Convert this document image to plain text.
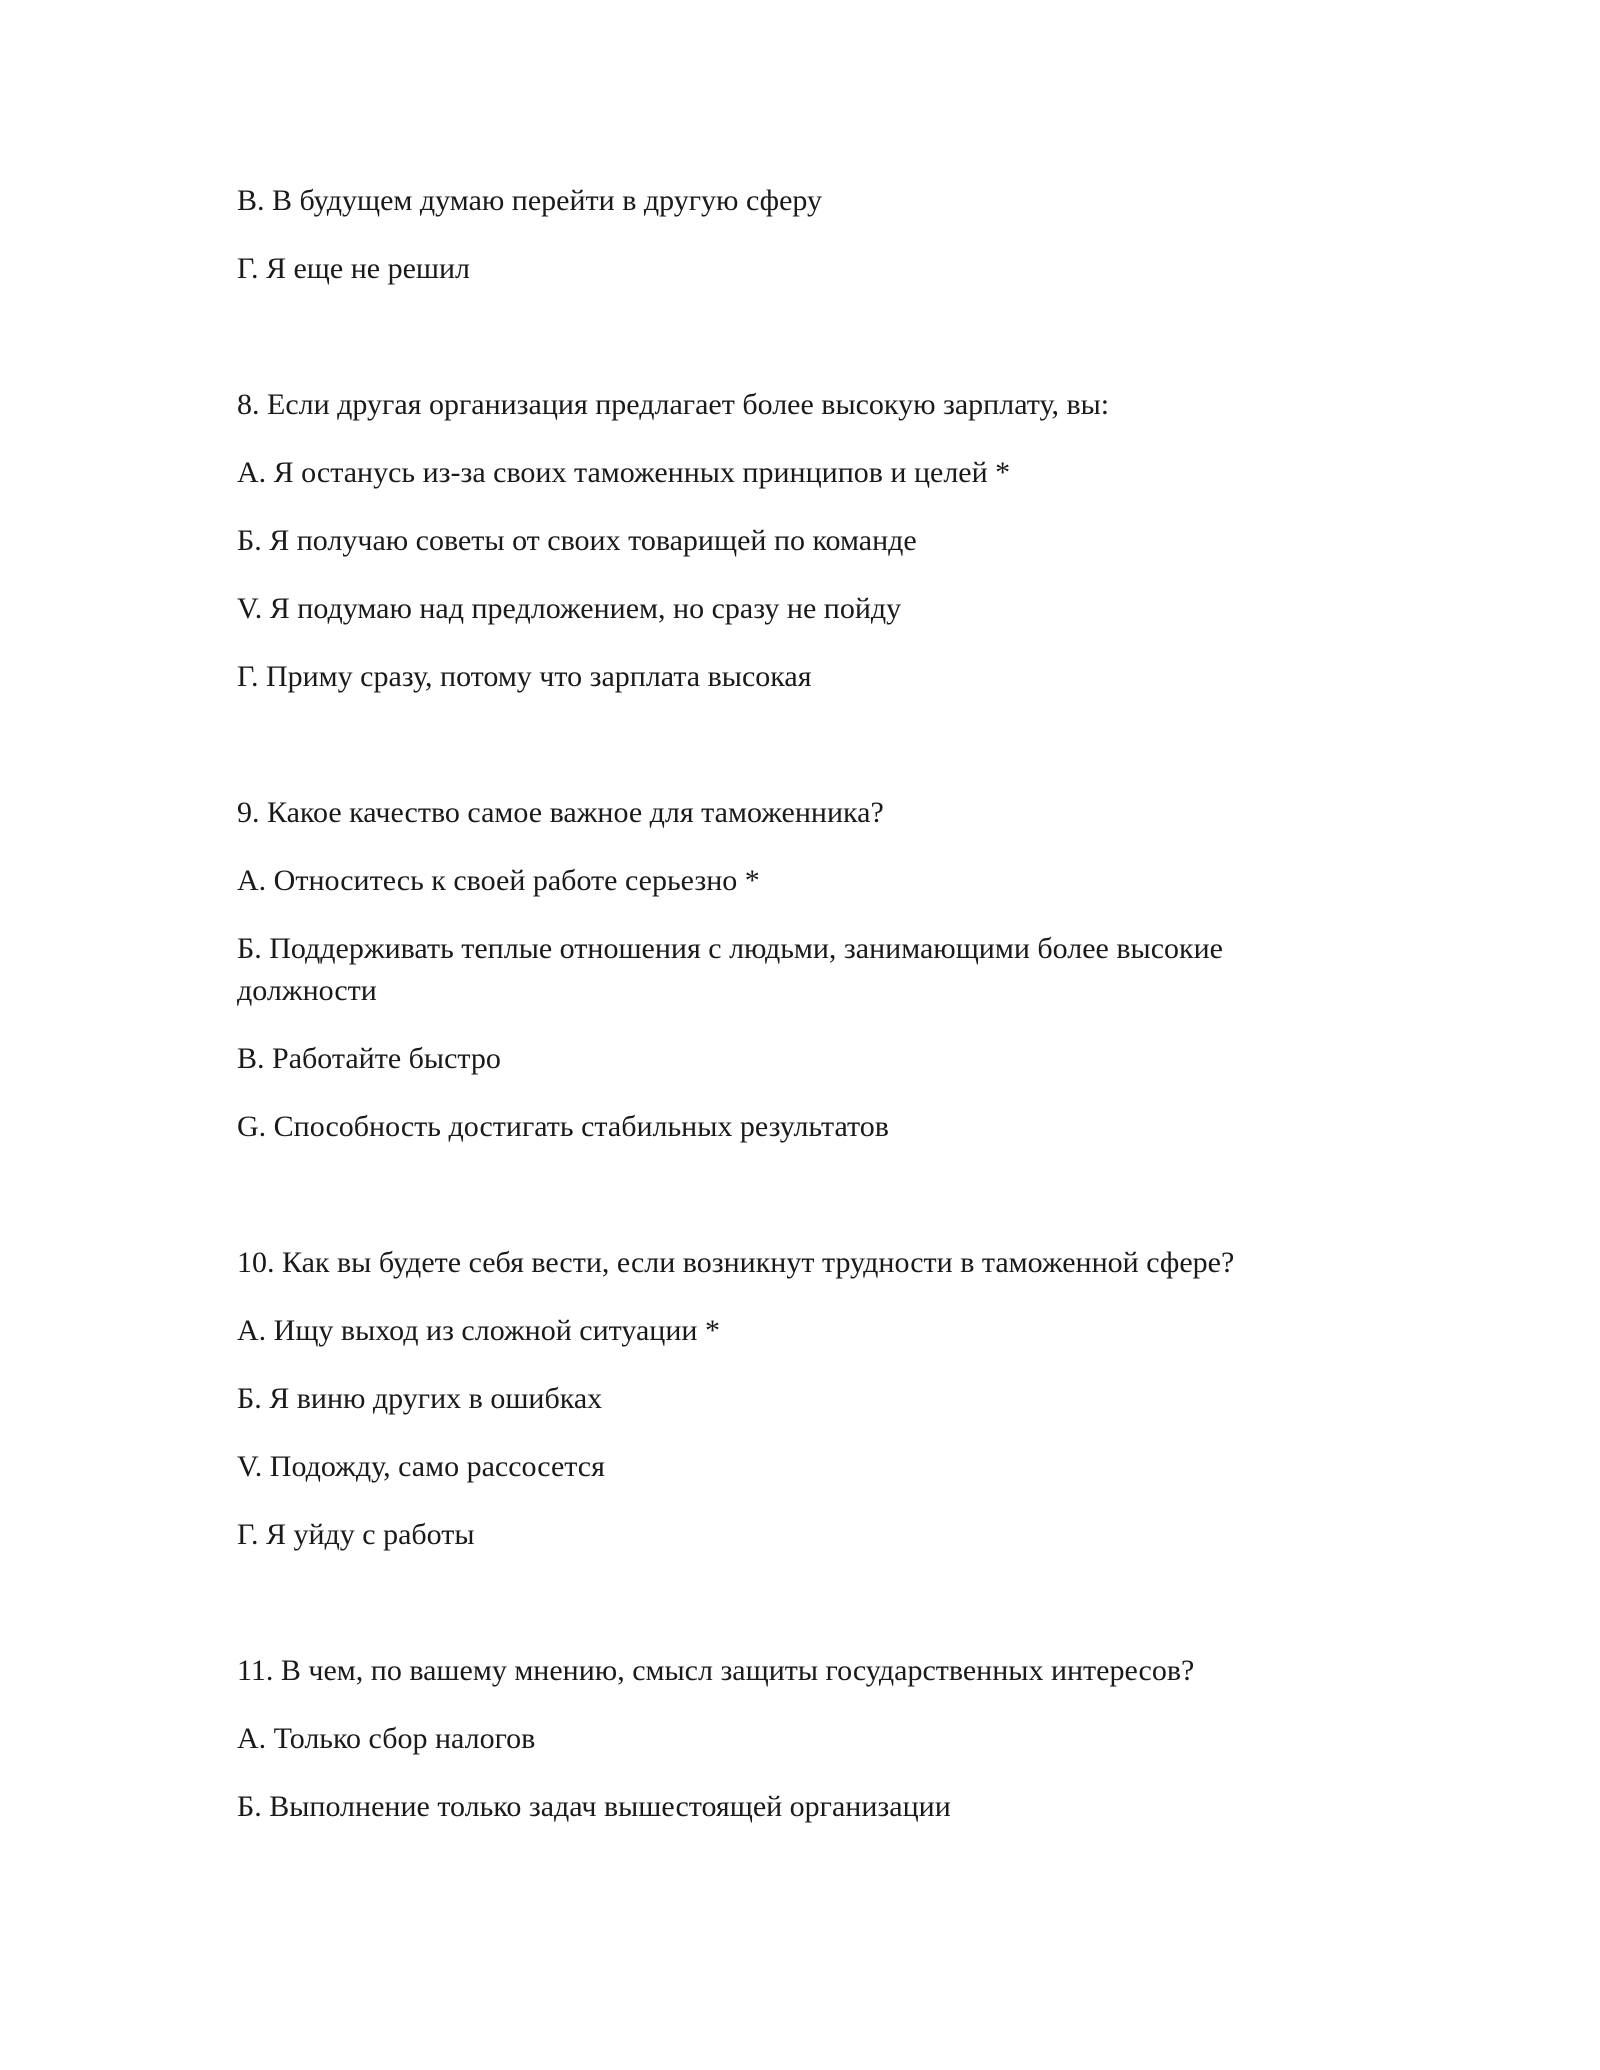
В. В будущем думаю перейти в другую сферу

Г. Я еще не решил

8. Если другая организация предлагает более высокую зарплату, вы:

А. Я останусь из-за своих таможенных принципов и целей *

Б. Я получаю советы от своих товарищей по команде

V. Я подумаю над предложением, но сразу не пойду

Г. Приму сразу, потому что зарплата высокая

9. Какое качество самое важное для таможенника?

А. Относитесь к своей работе серьезно *

Б. Поддерживать теплые отношения с людьми, занимающими более высокие должности

В. Работайте быстро

G. Способность достигать стабильных результатов

10. Как вы будете себя вести, если возникнут трудности в таможенной сфере?

А. Ищу выход из сложной ситуации *

Б. Я виню других в ошибках

V. Подожду, само рассосется

Г. Я уйду с работы

11. В чем, по вашему мнению, смысл защиты государственных интересов?

А. Только сбор налогов

Б. Выполнение только задач вышестоящей организации
